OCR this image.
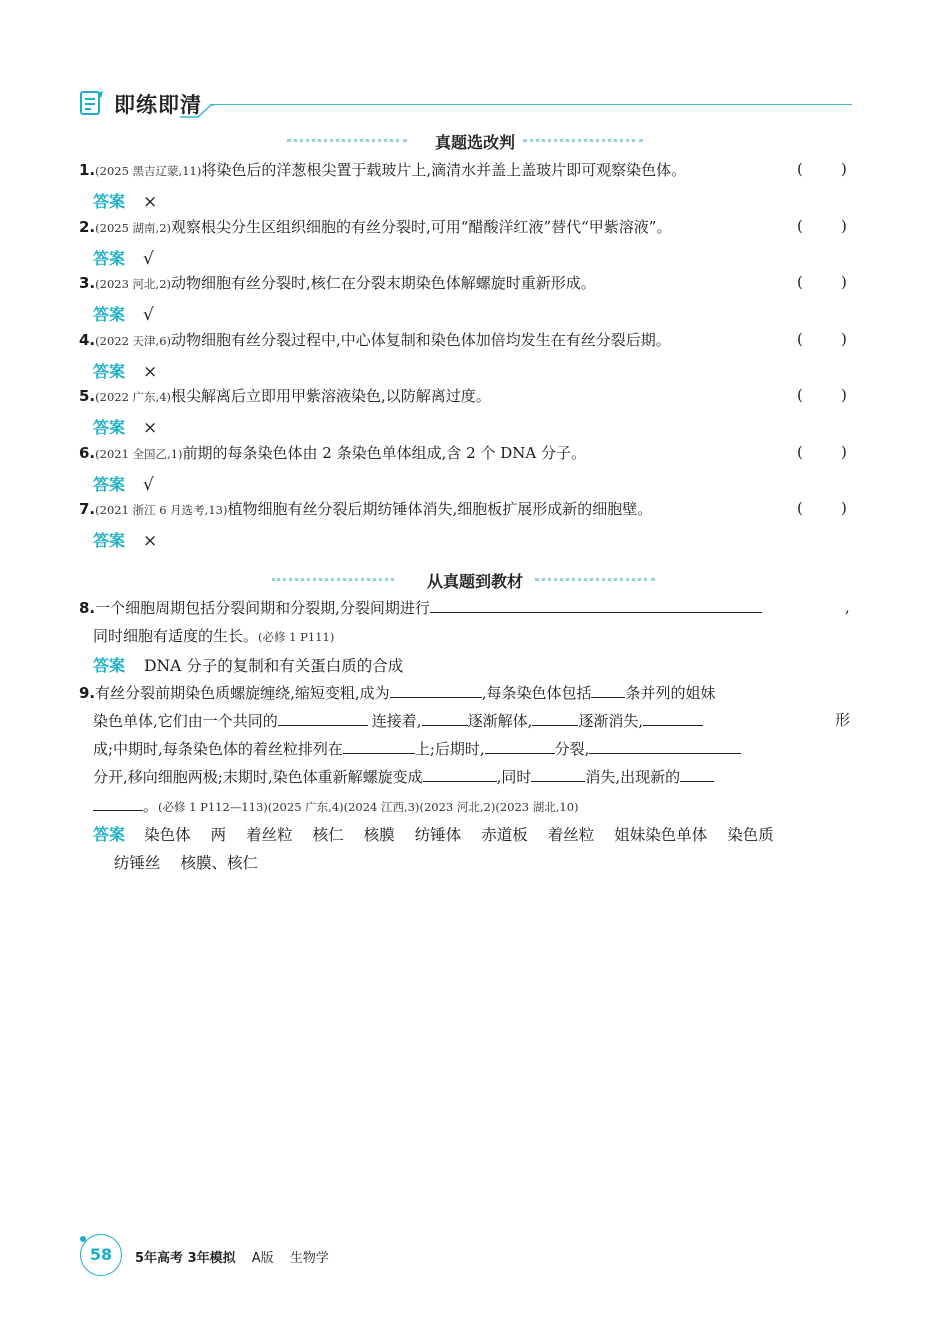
即练即清
真题选改判
1.(2025 黑吉辽蒙,11)将染色后的洋葱根尖置于载玻片上,滴清水并盖上盖玻片即可观察染色体。	(        )
答案 ×
2.(2025 湖南,2)观察根尖分生区组织细胞的有丝分裂时,可用“醋酸洋红液”替代“甲紫溶液”。	(        )
答案 √
3.(2023 河北,2)动物细胞有丝分裂时,核仁在分裂末期染色体解螺旋时重新形成。	(        )
答案 √
4.(2022 天津,6)动物细胞有丝分裂过程中,中心体复制和染色体加倍均发生在有丝分裂后期。	(        )
答案 ×
5.(2022 广东,4)根尖解离后立即用甲紫溶液染色,以防解离过度。	(        )
答案 ×
6.(2021 全国乙,1)前期的每条染色体由 2 条染色单体组成,含 2 个 DNA 分子。	(        )
答案 √
7.(2021 浙江 6 月选考,13)植物细胞有丝分裂后期纺锤体消失,细胞板扩展形成新的细胞壁。	(        )
答案 ×
从真题到教材
8.一个细胞周期包括分裂间期和分裂期,分裂间期进行	,
同时细胞有适度的生长。(必修 1 P111)
答案 DNA 分子的复制和有关蛋白质的合成
9.有丝分裂前期染色质螺旋缠绕,缩短变粗,成为	,每条染色体包括 条并列的姐妹
染色单体,它们由一个共同的	连接着,	逐渐解体,	逐渐消失,	形
成;中期时,每条染色体的着丝粒排列在	上;后期时,	分裂,
分开,移向细胞两极;末期时,染色体重新解螺旋变成	,同时	消失,出现新的
。(必修 1 P112—113)(2025 广东,4)(2024 江西,3)(2023 河北,2)(2023 湖北,10)
答案 染色体 两 着丝粒 核仁 核膜 纺锤体 赤道板 着丝粒 姐妹染色单体 染色质
纺锤丝 核膜、核仁
58	5年高考 3年模拟 A版 生物学
